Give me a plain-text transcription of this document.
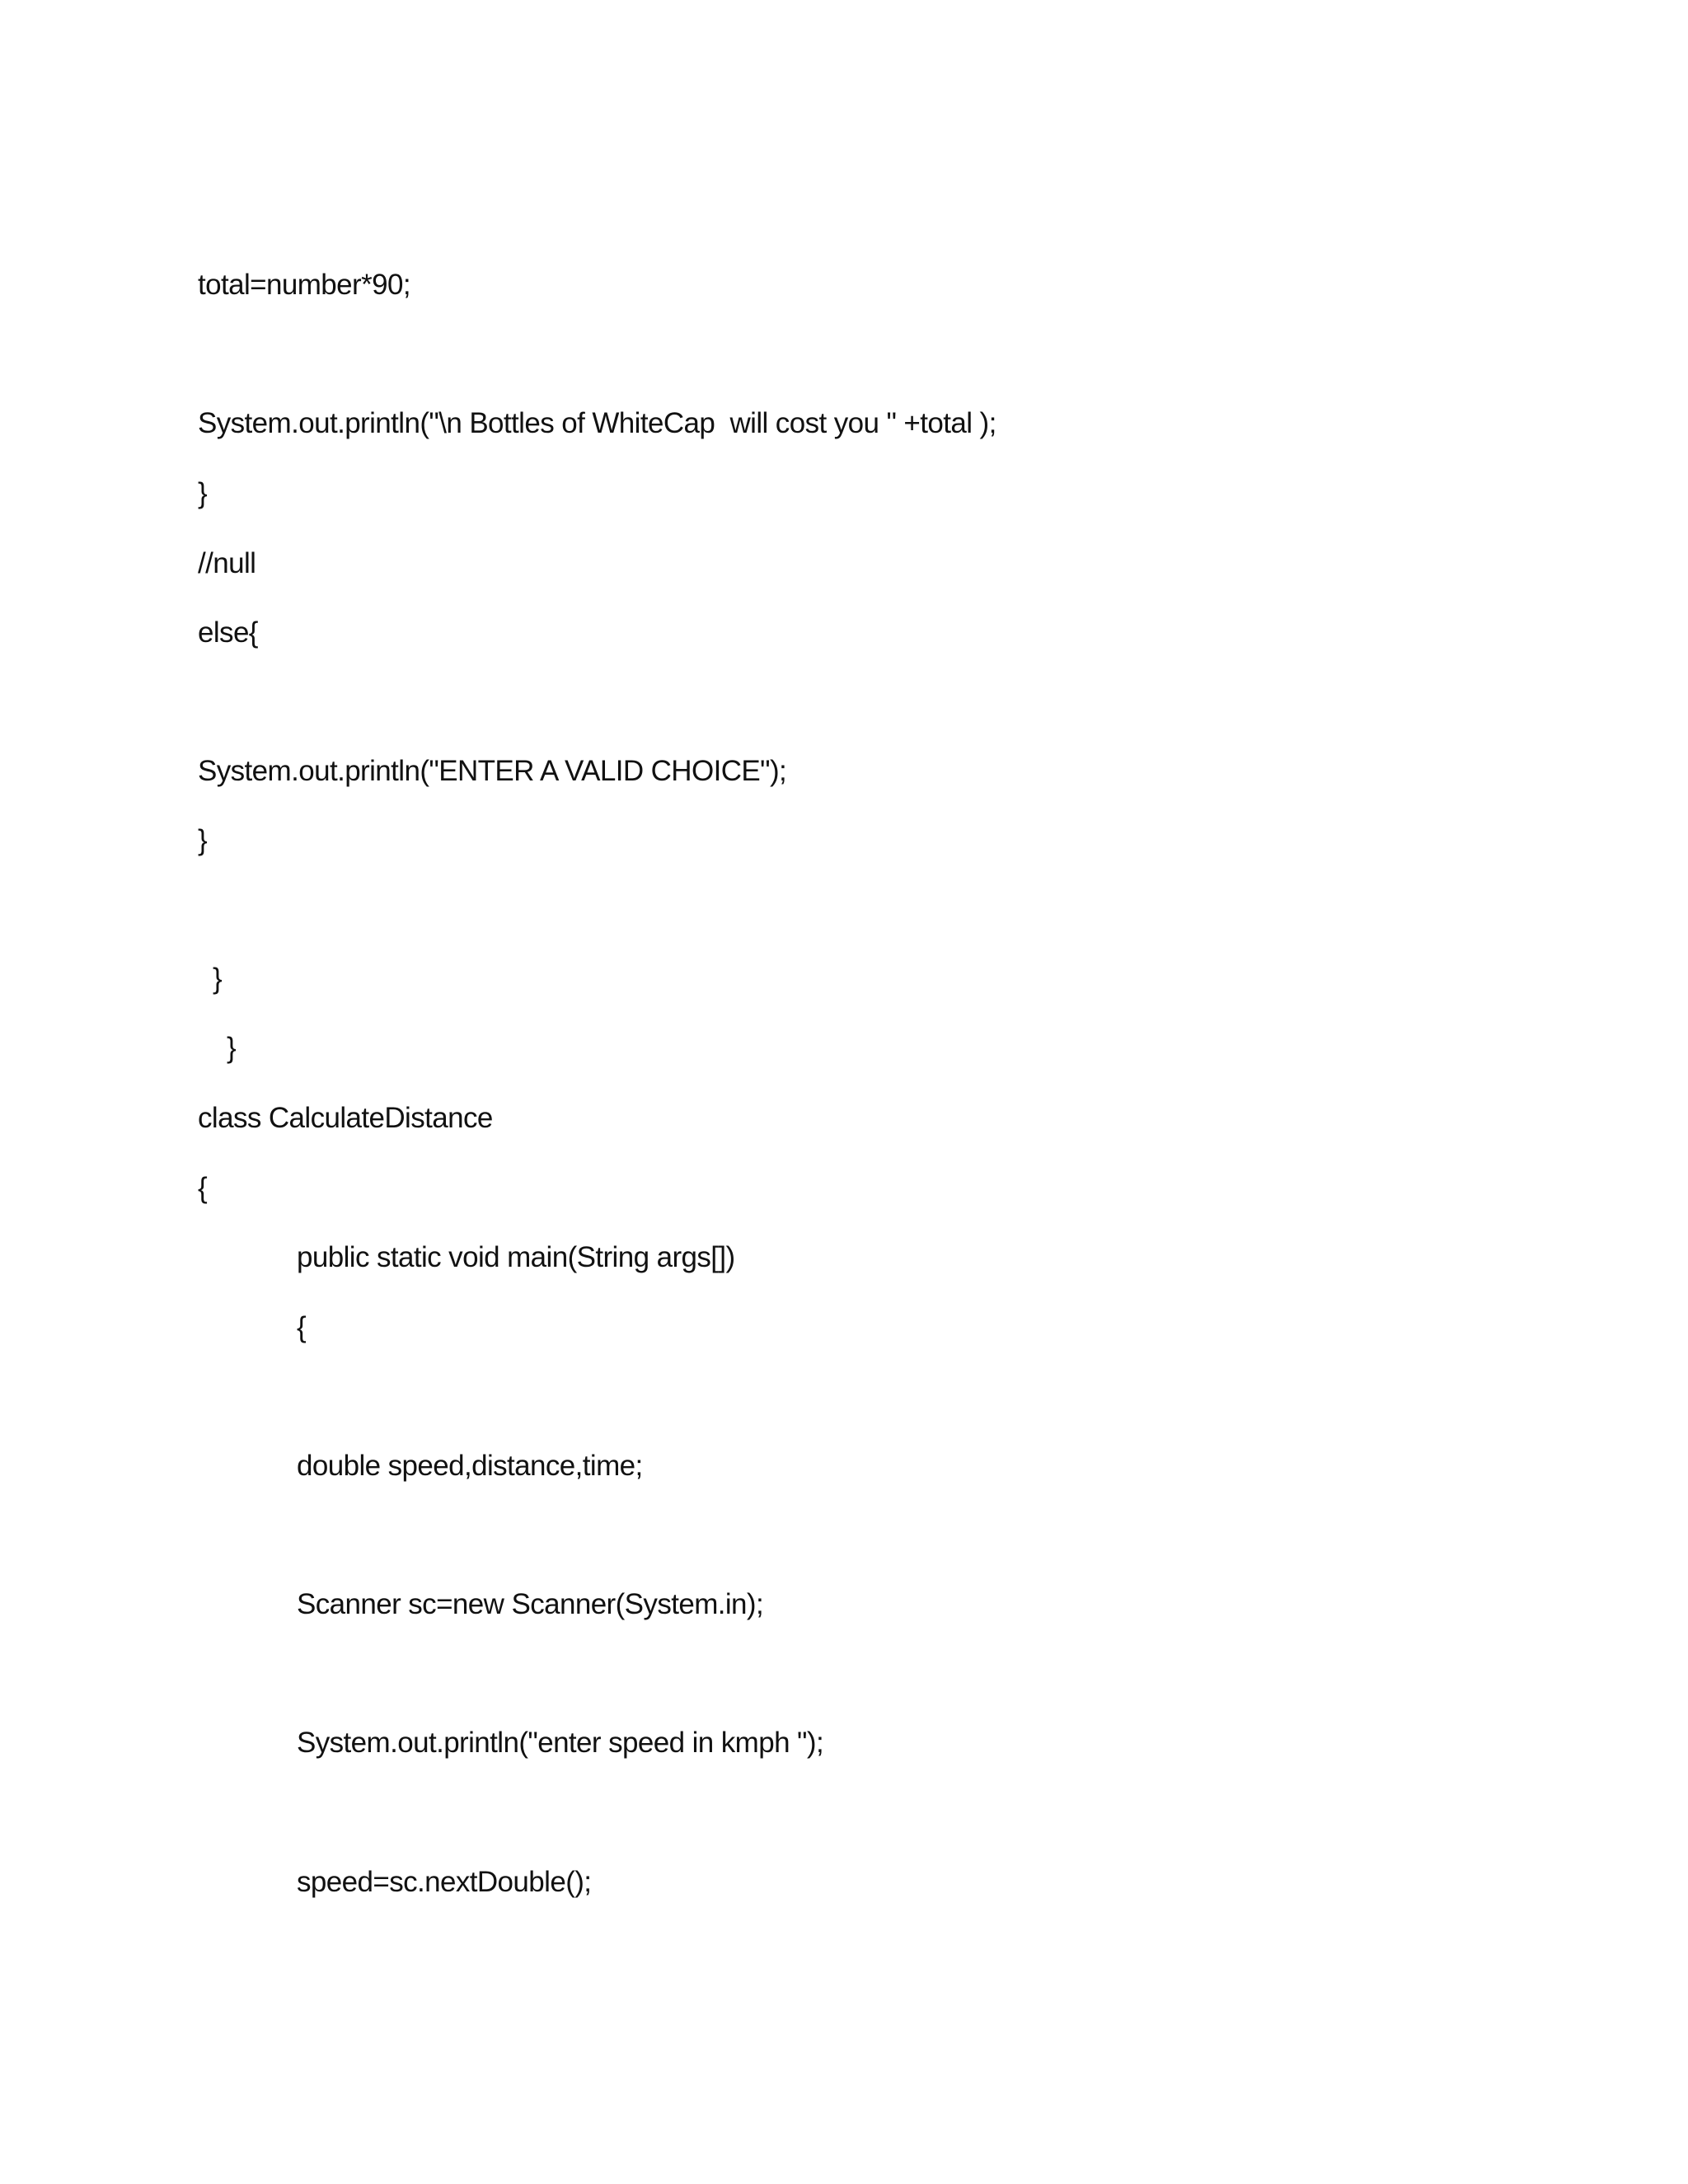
total=number*90;

System.out.println("\n Bottles of WhiteCap  will cost you " +total );

}

//null

else{

System.out.println("ENTER A VALID CHOICE");

}

}

}

class CalculateDistance

{

public static void main(String args[])

{

double speed,distance,time;

Scanner sc=new Scanner(System.in);

System.out.println("enter speed in kmph ");

speed=sc.nextDouble();
